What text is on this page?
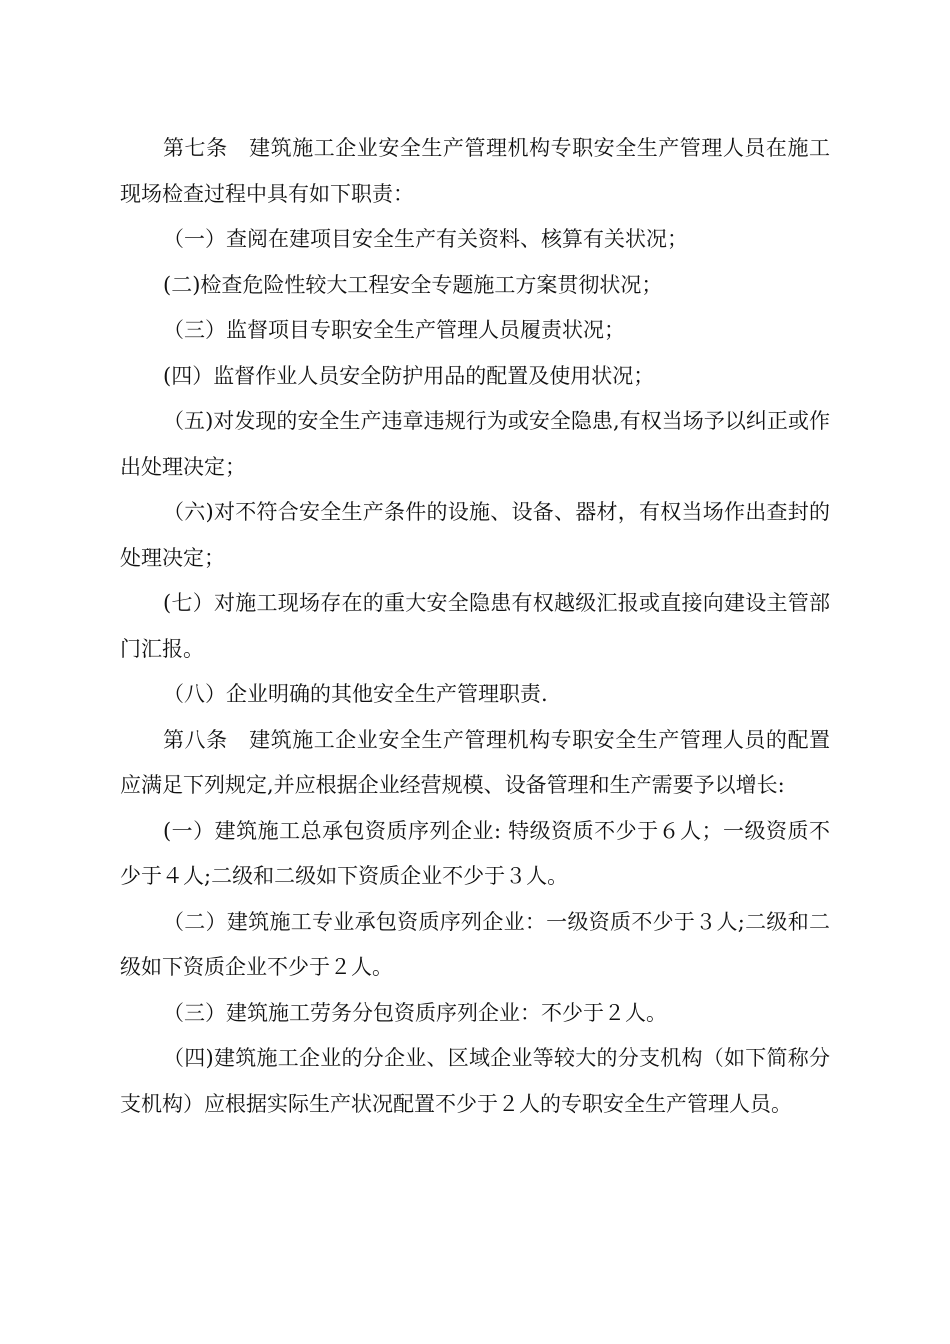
第七条　建筑施工企业安全生产管理机构专职安全生产管理人员在施工现场检查过程中具有如下职责：

（一）查阅在建项目安全生产有关资料、核算有关状况；

(二)检查危险性较大工程安全专题施工方案贯彻状况；

（三）监督项目专职安全生产管理人员履责状况；

(四）监督作业人员安全防护用品的配置及使用状况；

（五)对发现的安全生产违章违规行为或安全隐患,有权当场予以纠正或作出处理决定；

（六)对不符合安全生产条件的设施、设备、器材，有权当场作出查封的处理决定；

(七）对施工现场存在的重大安全隐患有权越级汇报或直接向建设主管部门汇报。

（八）企业明确的其他安全生产管理职责.

第八条　建筑施工企业安全生产管理机构专职安全生产管理人员的配置应满足下列规定,并应根据企业经营规模、设备管理和生产需要予以增长:

(一）建筑施工总承包资质序列企业: 特级资质不少于６人；一级资质不少于４人;二级和二级如下资质企业不少于３人。

（二）建筑施工专业承包资质序列企业：一级资质不少于３人;二级和二级如下资质企业不少于２人。

（三）建筑施工劳务分包资质序列企业：不少于２人。

（四)建筑施工企业的分企业、区域企业等较大的分支机构（如下简称分支机构）应根据实际生产状况配置不少于２人的专职安全生产管理人员。
